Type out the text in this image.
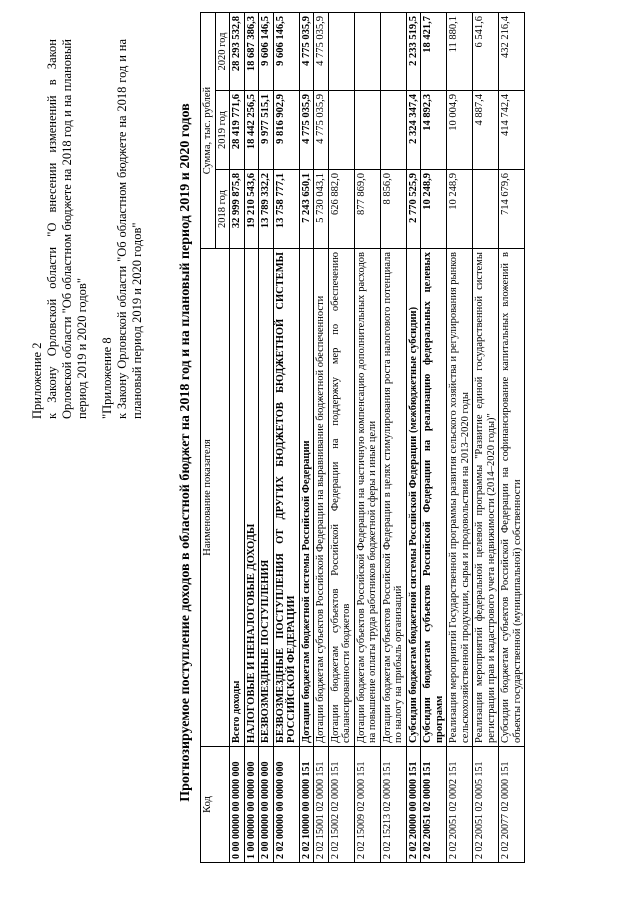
Приложение 2 к Закону Орловской области "О внесении изменений в Закон Орловской области "Об областном бюджете на 2018 год и на плановый период 2019 и 2020 годов" "Приложение 8 к Закону Орловской области "Об областном бюджете на 2018 год и на плановый период 2019 и 2020 годов" Прогнозируемое поступление доходов в областной бюджет на 2018 год и на плановый период 2019 и 2020 годов
Код	Наименование показателя	Сумма, тыс. рублей		
		2018 год	2019 год	2020 год
0 00 00000 00 0000 000	Всего доходы	32 999 875,8	28 419 771,6	28 293 532,8
1 00 00000 00 0000 000	НАЛОГОВЫЕ И НЕНАЛОГОВЫЕ ДОХОДЫ	19 210 543,6	18 442 256,5	18 687 386,3
2 00 00000 00 0000 000	БЕЗВОЗМЕЗДНЫЕ ПОСТУПЛЕНИЯ	13 789 332,2	9 977 515,1	9 606 146,5
2 02 00000 00 0000 000	БЕЗВОЗМЕЗДНЫЕ ПОСТУПЛЕНИЯ ОТ ДРУГИХ БЮДЖЕТОВ БЮДЖЕТНОЙ СИСТЕМЫ РОССИЙСКОЙ ФЕДЕРАЦИИ	13 758 777,1	9 816 902,9	9 606 146,5
2 02 10000 00 0000 151	Дотации бюджетам бюджетной системы Российской Федерации	7 243 650,1	4 775 035,9	4 775 035,9
2 02 15001 02 0000 151	Дотации бюджетам субъектов Российской Федерации на выравнивание бюджетной обеспеченности	5 730 043,1	4 775 035,9	4 775 035,9
2 02 15002 02 0000 151	Дотации бюджетам субъектов Российской Федерации на поддержку мер по обеспечению сбалансированности бюджетов	626 882,0		
2 02 15009 02 0000 151	Дотации бюджетам субъектов Российской Федерации на частичную компенсацию дополнительных расходов на повышение оплаты труда работников бюджетной сферы и иные цели	877 869,0		
2 02 15213 02 0000 151	Дотации бюджетам субъектов Российской Федерации в целях стимулирования роста налогового потенциала по налогу на прибыль организаций	8 856,0		
2 02 20000 00 0000 151	Субсидии бюджетам бюджетной системы Российской Федерации (межбюджетные субсидии)	2 770 525,9	2 324 347,4	2 233 519,5
2 02 20051 02 0000 151	Субсидии бюджетам субъектов Российской Федерации на реализацию федеральных целевых программ	10 248,9	14 892,3	18 421,7
2 02 20051 02 0002 151	Реализация мероприятий Государственной программы развития сельского хозяйства и регулирования рынков сельскохозяйственной продукции, сырья и продовольствия на 2013–2020 годы	10 248,9	10 004,9	11 880,1
2 02 20051 02 0005 151	Реализация мероприятий федеральной целевой программы "Развитие единой государственной системы регистрации прав и кадастрового учета недвижимости (2014–2020 годы)"		4 887,4	6 541,6
2 02 20077 02 0000 151	Субсидии бюджетам субъектов Российской Федерации на софинансирование капитальных вложений в объекты государственной (муниципальной) собственности	714 679,6	414 742,4	432 216,4
